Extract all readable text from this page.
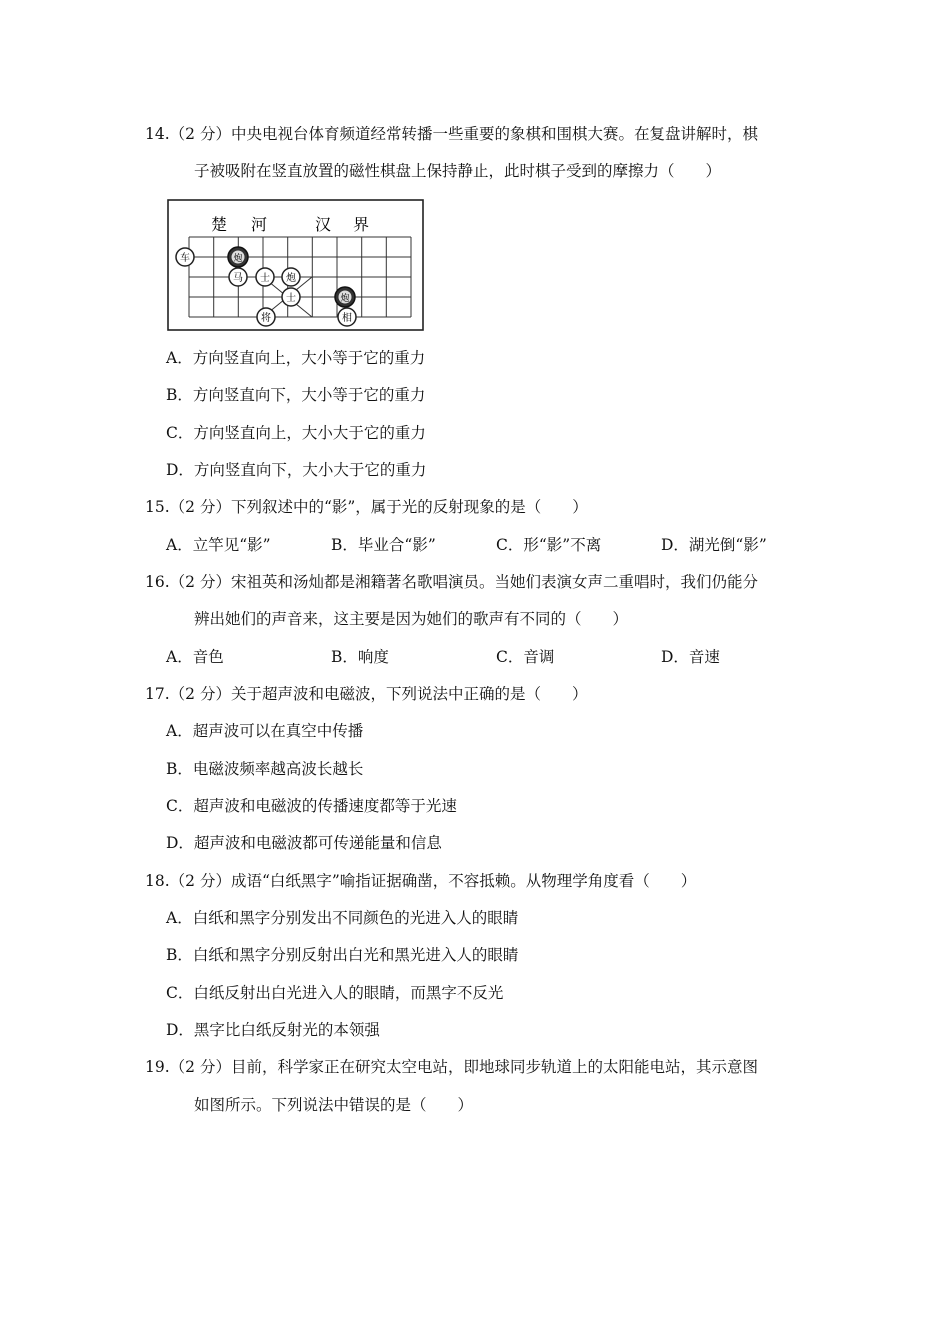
14.（2 分）中央电视台体育频道经常转播一些重要的象棋和围棋大赛。在复盘讲解时，棋
子被吸附在竖直放置的磁性棋盘上保持静止，此时棋子受到的摩擦力（　　）
楚 河	汉 界
车	炮
马 士 炮
士	炮
将	相
A．方向竖直向上，大小等于它的重力
B．方向竖直向下，大小等于它的重力
C．方向竖直向上，大小大于它的重力
D．方向竖直向下，大小大于它的重力
15.（2 分）下列叙述中的“影”，属于光的反射现象的是（　　）
A．立竿见“影”	B．毕业合“影”	C．形“影”不离	D．湖光倒“影”
16.（2 分）宋祖英和汤灿都是湘籍著名歌唱演员。当她们表演女声二重唱时，我们仍能分
辨出她们的声音来，这主要是因为她们的歌声有不同的（　　）
A．音色	B．响度	C．音调	D．音速
17.（2 分）关于超声波和电磁波，下列说法中正确的是（　　）
A．超声波可以在真空中传播
B．电磁波频率越高波长越长
C．超声波和电磁波的传播速度都等于光速
D．超声波和电磁波都可传递能量和信息
18.（2 分）成语“白纸黑字”喻指证据确凿，不容抵赖。从物理学角度看（　　）
A．白纸和黑字分别发出不同颜色的光进入人的眼睛
B．白纸和黑字分别反射出白光和黑光进入人的眼睛
C．白纸反射出白光进入人的眼睛，而黑字不反光
D．黑字比白纸反射光的本领强
19.（2 分）目前，科学家正在研究太空电站，即地球同步轨道上的太阳能电站，其示意图
如图所示。下列说法中错误的是（　　）
